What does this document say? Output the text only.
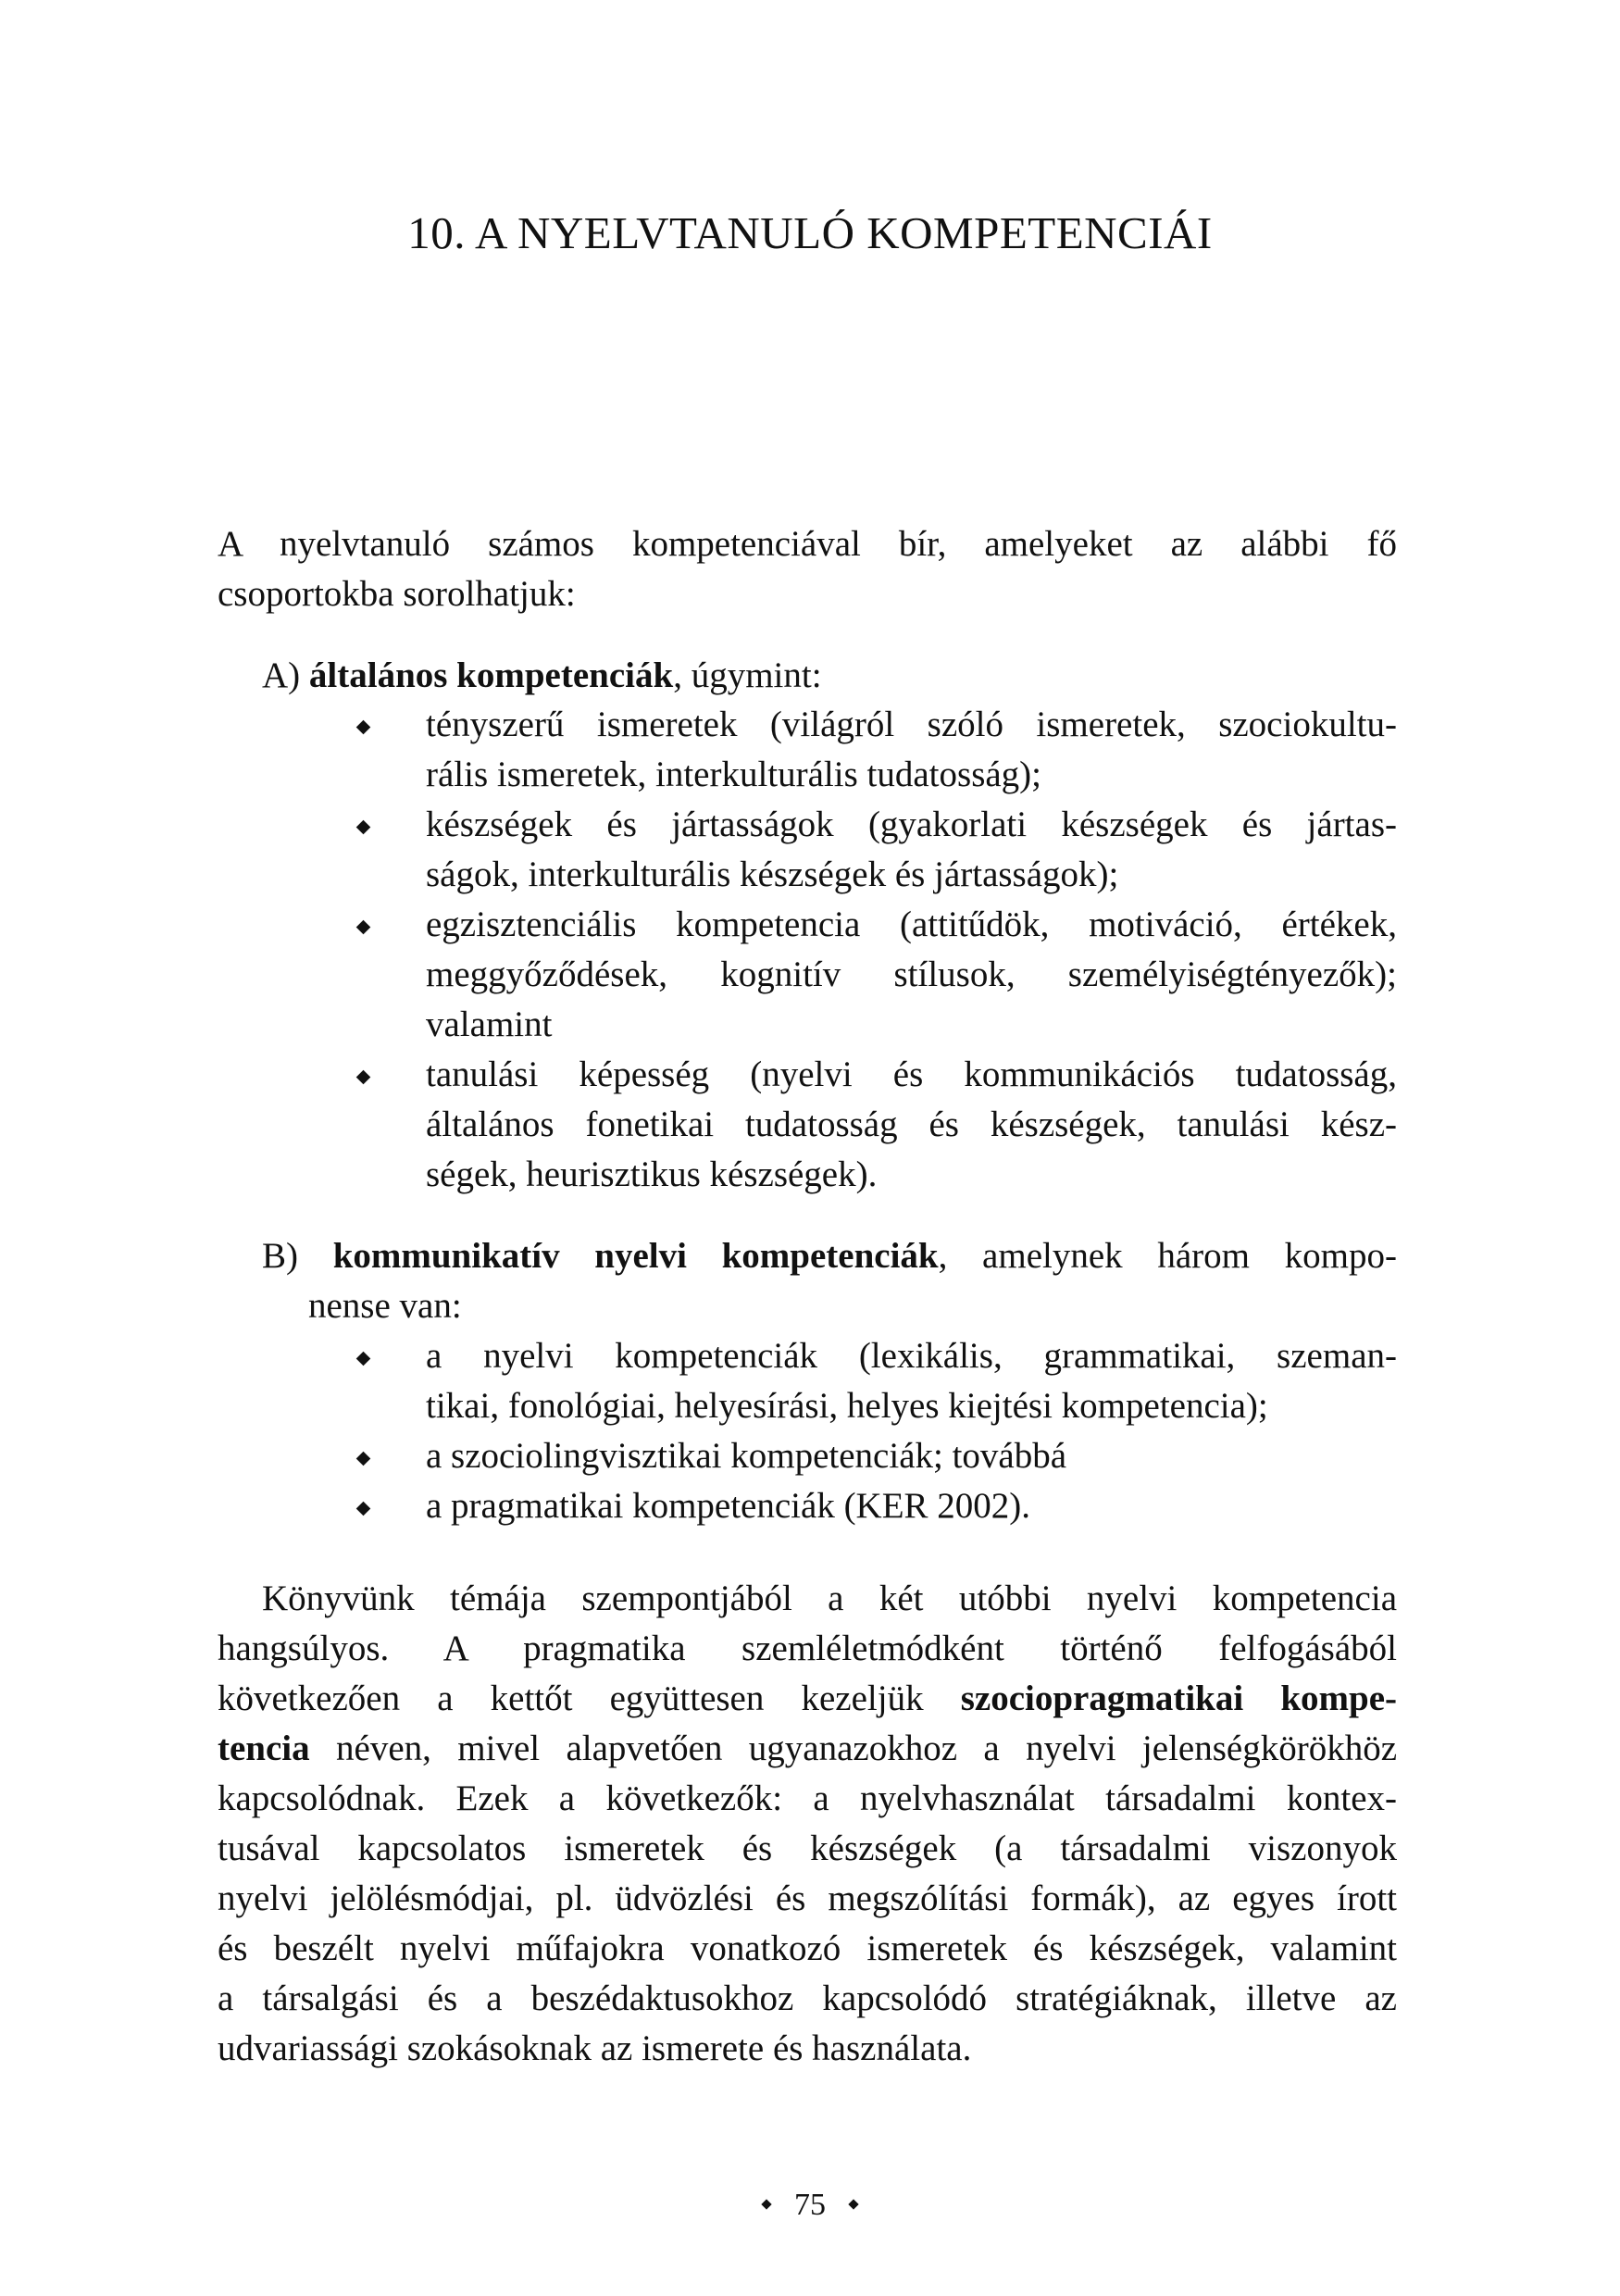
10. A NYELVTANULÓ KOMPETENCIÁI
A nyelvtanuló számos kompetenciával bír, amelyeket az alábbi fő
csoportokba sorolhatjuk:
A) általános kompetenciák, úgymint:
tényszerű ismeretek (világról szóló ismeretek, szociokultu-
rális ismeretek, interkulturális tudatosság);
készségek és jártasságok (gyakorlati készségek és jártas-
ságok, interkulturális készségek és jártasságok);
egzisztenciális kompetencia (attitűdök, motiváció, értékek,
meggyőződések, kognitív stílusok, személyiségtényezők);
valamint
tanulási képesség (nyelvi és kommunikációs tudatosság,
általános fonetikai tudatosság és készségek, tanulási kész-
ségek, heurisztikus készségek).
B) kommunikatív nyelvi kompetenciák, amelynek három kompo-
nense van:
a nyelvi kompetenciák (lexikális, grammatikai, szeman-
tikai, fonológiai, helyesírási, helyes kiejtési kompetencia);
a szociolingvisztikai kompetenciák; továbbá
a pragmatikai kompetenciák (KER 2002).
Könyvünk témája szempontjából a két utóbbi nyelvi kompetencia
hangsúlyos. A pragmatika szemléletmódként történő felfogásából
következően a kettőt együttesen kezeljük szociopragmatikai kompe-
tencia néven, mivel alapvetően ugyanazokhoz a nyelvi jelenségkörökhöz
kapcsolódnak. Ezek a következők: a nyelvhasználat társadalmi kontex-
tusával kapcsolatos ismeretek és készségek (a társadalmi viszonyok
nyelvi jelölésmódjai, pl. üdvözlési és megszólítási formák), az egyes írott
és beszélt nyelvi műfajokra vonatkozó ismeretek és készségek, valamint
a társalgási és a beszédaktusokhoz kapcsolódó stratégiáknak, illetve az
udvariassági szokásoknak az ismerete és használata.
75
